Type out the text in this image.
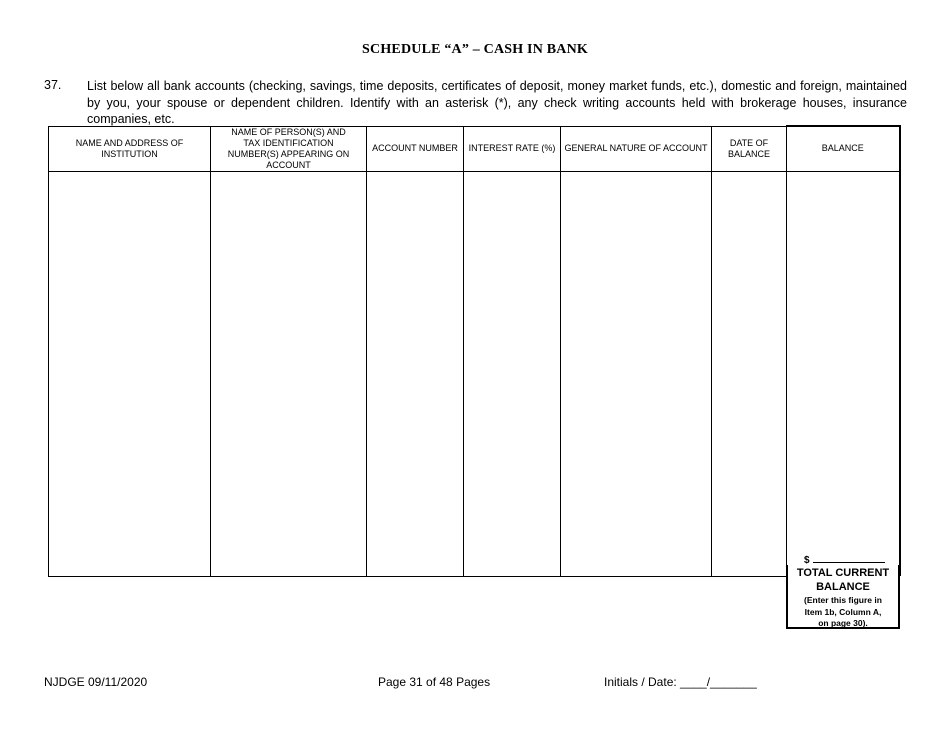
SCHEDULE “A” – CASH IN BANK
37. List below all bank accounts (checking, savings, time deposits, certificates of deposit, money market funds, etc.), domestic and foreign, maintained by you, your spouse or dependent children. Identify with an asterisk (*), any check writing accounts held with brokerage houses, insurance companies, etc.
NAME AND ADDRESS OF INSTITUTION	NAME OF PERSON(S) AND TAX IDENTIFICATION NUMBER(S) APPEARING ON ACCOUNT	ACCOUNT NUMBER	INTEREST RATE (%)	GENERAL NATURE OF ACCOUNT	DATE OF BALANCE	BALANCE

$
TOTAL CURRENT
BALANCE
(Enter this figure in
Item 1b, Column A,
on page 30).
NJDGE 09/11/2020	Page 31 of 48 Pages	Initials / Date: ____/_______
